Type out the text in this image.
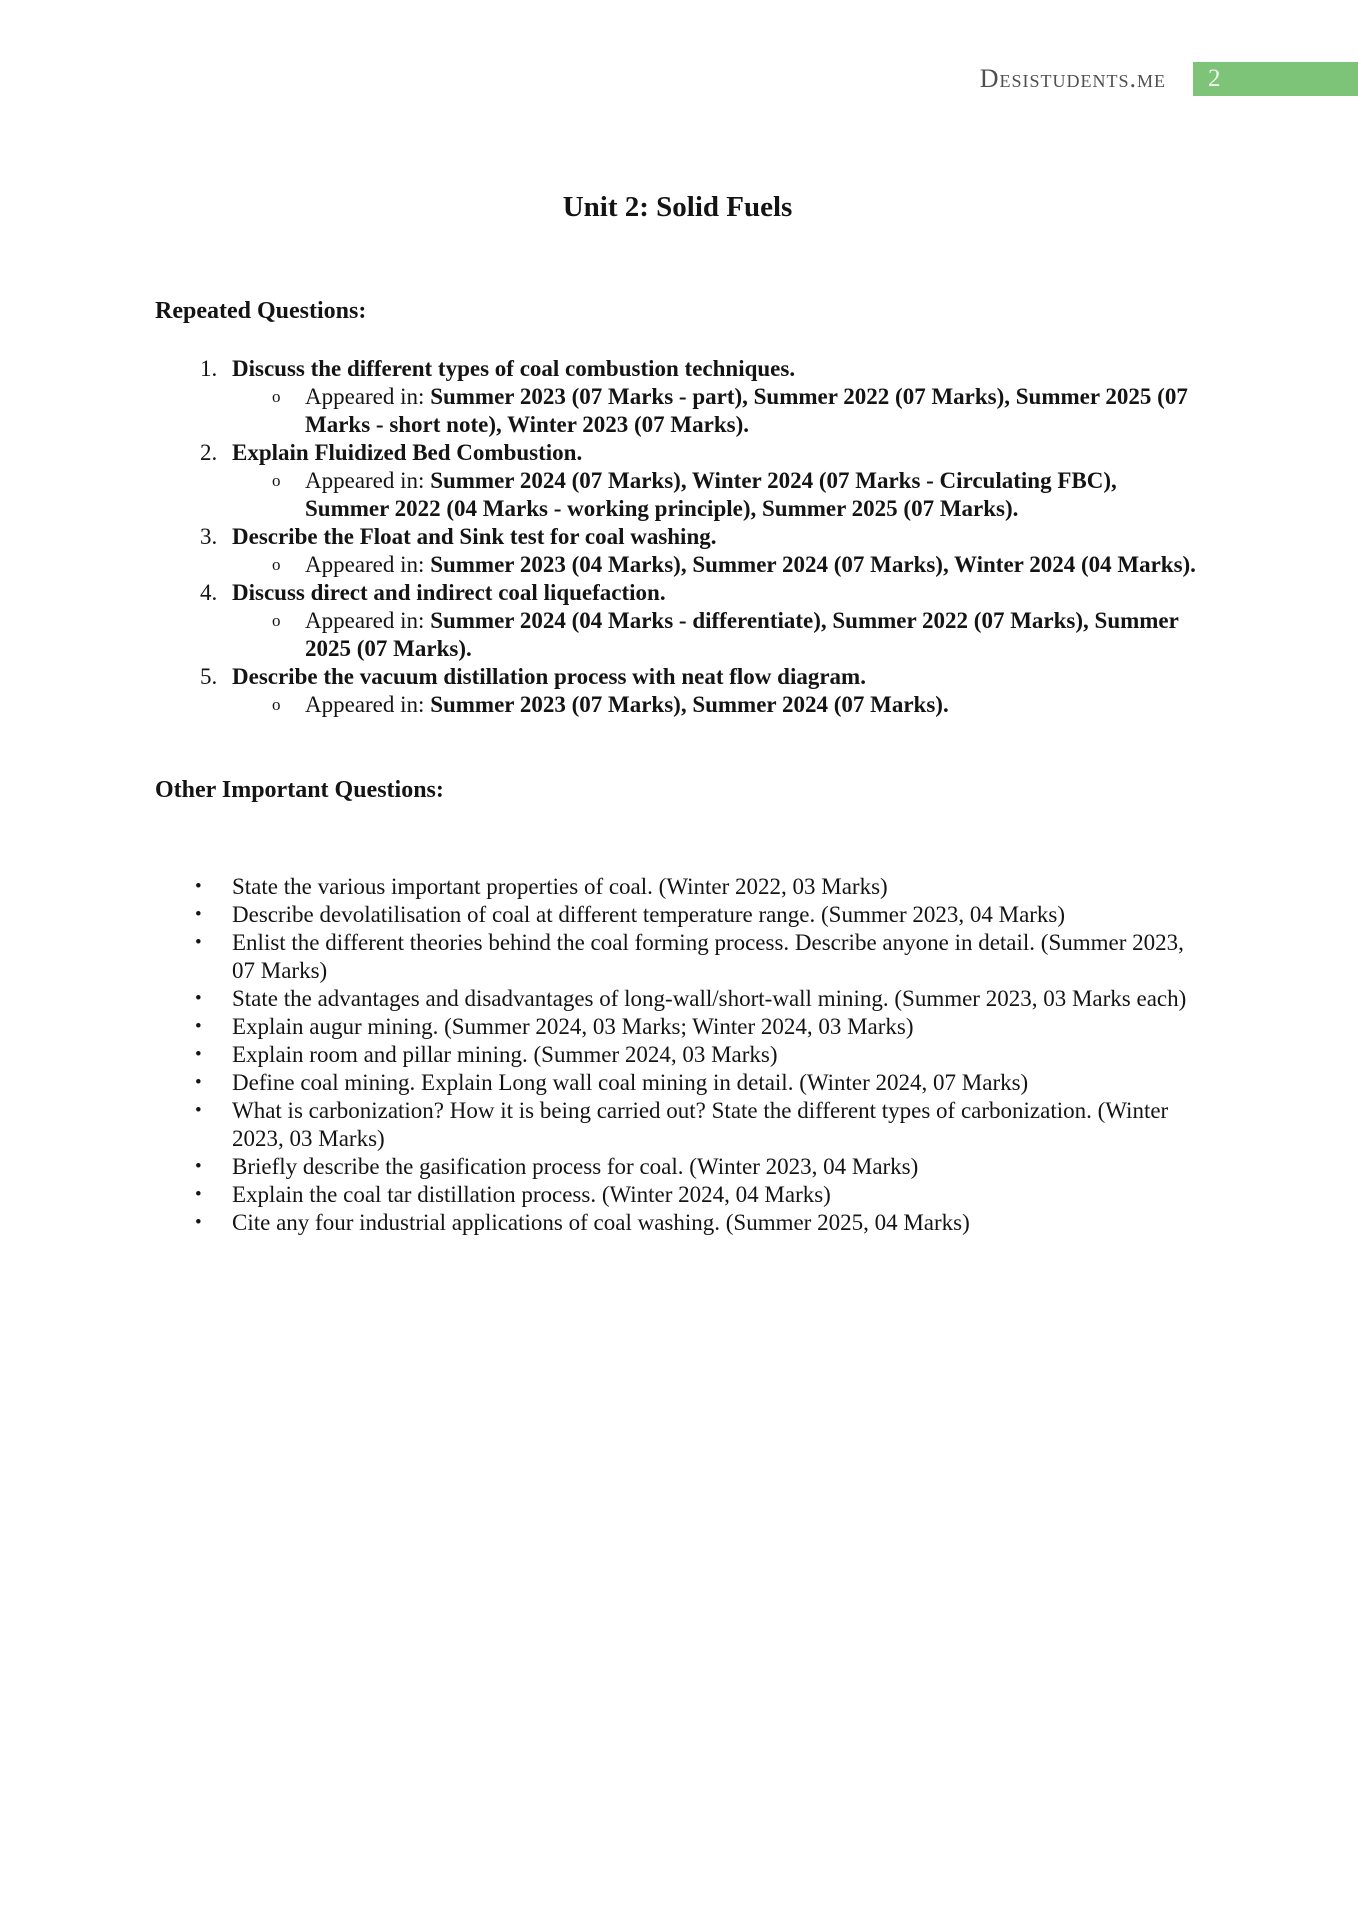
Desistudents.me 2
Unit 2: Solid Fuels
Repeated Questions:
1. Discuss the different types of coal combustion techniques.
o	Appeared in: Summer 2023 (07 Marks - part), Summer 2022 (07 Marks), Summer 2025 (07 Marks - short note), Winter 2023 (07 Marks).
2. Explain Fluidized Bed Combustion.
o	Appeared in: Summer 2024 (07 Marks), Winter 2024 (07 Marks - Circulating FBC), Summer 2022 (04 Marks - working principle), Summer 2025 (07 Marks).
3. Describe the Float and Sink test for coal washing.
o	Appeared in: Summer 2023 (04 Marks), Summer 2024 (07 Marks), Winter 2024 (04 Marks).
4. Discuss direct and indirect coal liquefaction.
o	Appeared in: Summer 2024 (04 Marks - differentiate), Summer 2022 (07 Marks), Summer 2025 (07 Marks).
5. Describe the vacuum distillation process with neat flow diagram.
o	Appeared in: Summer 2023 (07 Marks), Summer 2024 (07 Marks).
Other Important Questions:
•	State the various important properties of coal. (Winter 2022, 03 Marks)
•	Describe devolatilisation of coal at different temperature range. (Summer 2023, 04 Marks)
•	Enlist the different theories behind the coal forming process. Describe anyone in detail. (Summer 2023, 07 Marks)
•	State the advantages and disadvantages of long-wall/short-wall mining. (Summer 2023, 03 Marks each)
•	Explain augur mining. (Summer 2024, 03 Marks; Winter 2024, 03 Marks)
•	Explain room and pillar mining. (Summer 2024, 03 Marks)
•	Define coal mining. Explain Long wall coal mining in detail. (Winter 2024, 07 Marks)
•	What is carbonization? How it is being carried out? State the different types of carbonization. (Winter 2023, 03 Marks)
•	Briefly describe the gasification process for coal. (Winter 2023, 04 Marks)
•	Explain the coal tar distillation process. (Winter 2024, 04 Marks)
•	Cite any four industrial applications of coal washing. (Summer 2025, 04 Marks)
